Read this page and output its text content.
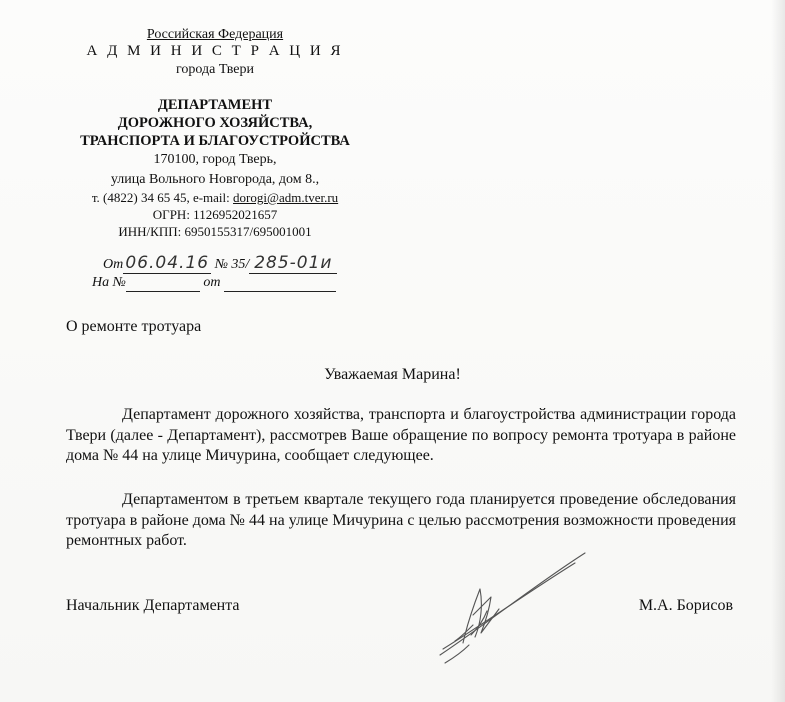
Российская Федерация
А Д М И Н И С Т Р А Ц И Я
города Твери
ДЕПАРТАМЕНТ
ДОРОЖНОГО ХОЗЯЙСТВА,
ТРАНСПОРТА И БЛАГОУСТРОЙСТВА
170100, город Тверь,
улица Вольного Новгорода, дом 8.,
т. (4822) 34 65 45, e-mail: dorogi@adm.tver.ru
ОГРН: 1126952021657
ИНН/КПП: 6950155317/695001001
От 06.04.16 № 35/ 285-01и
На №	от
О ремонте тротуара
Уважаемая Марина!

Департамент дорожного хозяйства, транспорта и благоустройства администрации города Твери (далее - Департамент), рассмотрев Ваше обращение по вопросу ремонта тротуара в районе дома № 44 на улице Мичурина, сообщает следующее.

Департаментом в третьем квартале текущего года планируется проведение обследования тротуара в районе дома № 44 на улице Мичурина с целью рассмотрения возможности проведения ремонтных работ.

Начальник Департамента	М.А. Борисов
